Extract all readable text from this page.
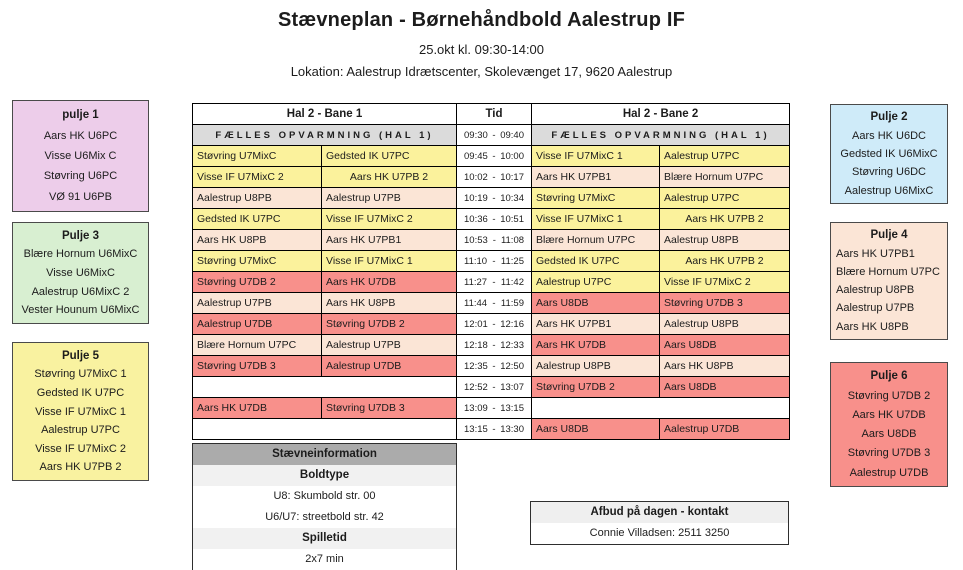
Stævneplan - Børnehåndbold Aalestrup IF
25.okt kl. 09:30-14:00
Lokation: Aalestrup Idrætscenter, Skolevænget 17, 9620 Aalestrup
pulje 1
Aars HK U6PC
Visse U6Mix C
Støvring U6PC
VØ 91 U6PB
Pulje 2
Aars HK U6DC
Gedsted IK U6MixC
Støvring U6DC
Aalestrup U6MixC
Pulje 3
Blære Hornum U6MixC
Visse U6MixC
Aalestrup U6MixC 2
Vester Hounum U6MixC
Pulje 4
Aars HK U7PB1
Blære Hornum U7PC
Aalestrup U8PB
Aalestrup U7PB
Aars HK U8PB
Pulje 5
Støvring U7MixC 1
Gedsted IK U7PC
Visse IF U7MixC 1
Aalestrup U7PC
Visse IF U7MixC 2
Aars HK U7PB 2
Pulje 6
Støvring U7DB 2
Aars HK U7DB
Aars U8DB
Støvring U7DB 3
Aalestrup U7DB
Hal 2 - Bane 1		Tid	Hal 2 - Bane 2	
FÆLLES OPVARMNING (HAL 1)		09:30 - 09:40	FÆLLES OPVARMNING (HAL 1)	
Støvring U7MixC	Gedsted IK U7PC	09:45 - 10:00	Visse IF U7MixC 1	Aalestrup U7PC
Visse IF U7MixC 2	Aars HK U7PB 2	10:02 - 10:17	Aars HK U7PB1	Blære Hornum U7PC
Aalestrup U8PB	Aalestrup U7PB	10:19 - 10:34	Støvring U7MixC	Aalestrup U7PC
Gedsted IK U7PC	Visse IF U7MixC 2	10:36 - 10:51	Visse IF U7MixC 1	Aars HK U7PB 2
Aars HK U8PB	Aars HK U7PB1	10:53 - 11:08	Blære Hornum U7PC	Aalestrup U8PB
Støvring U7MixC	Visse IF U7MixC 1	11:10 - 11:25	Gedsted IK U7PC	Aars HK U7PB 2
Støvring U7DB 2	Aars HK U7DB	11:27 - 11:42	Aalestrup U7PC	Visse IF U7MixC 2
Aalestrup U7PB	Aars HK U8PB	11:44 - 11:59	Aars U8DB	Støvring U7DB 3
Aalestrup U7DB	Støvring U7DB 2	12:01 - 12:16	Aars HK U7PB1	Aalestrup U8PB
Blære Hornum U7PC	Aalestrup U7PB	12:18 - 12:33	Aars HK U7DB	Aars U8DB
Støvring U7DB 3	Aalestrup U7DB	12:35 - 12:50	Aalestrup U8PB	Aars HK U8PB

		12:52 - 13:07	Støvring U7DB 2	Aars U8DB
Aars HK U7DB	Støvring U7DB 3	13:09 - 13:15		

		13:15 - 13:30	Aars U8DB	Aalestrup U7DB
Stævneinformation
Boldtype
U8: Skumbold str. 00
U6/U7: streetbold str. 42
Spilletid
2x7 min
Afbud på dagen - kontakt
Connie Villadsen: 2511 3250
